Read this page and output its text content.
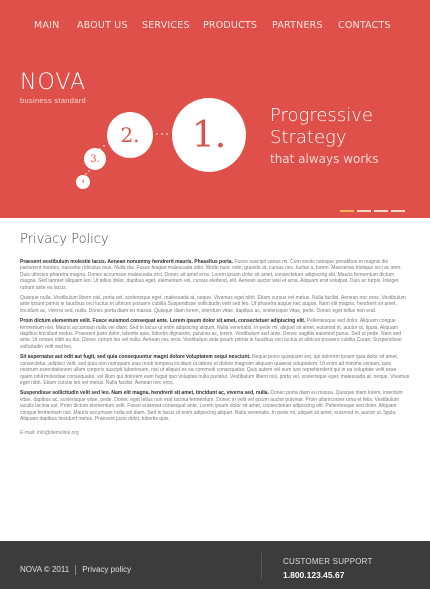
MAIN ABOUT US SERVICES PRODUCTS PARTNERS CONTACTS
NOVA
business standard
1.
2.
3.
4
Progressive
Strategy
that always works
Privacy Policy
Praesent vestibulum molestie lacus. Aenean nonummy hendrerit mauris. Phasellus porta. Fusce suscipit varius mi. Cum sociis natoque penatibus et magnis dis parturient montes, nascetur ridiculus mus. Nulla dui. Fusce feugiat malesuada odio. Morbi nunc odio, gravida at, cursus nec, luctus a, lorem. Maecenas tristique orci ac sem. Duis ultricies pharetra magna. Donec accumsan malesuada orci. Donec sit amet eros. Lorem ipsum dolor sit amet, consectetuer adipiscing elit. Mauris fermentum dictum magna. Sed laoreet aliquam leo. Ut tellus dolor, dapibus eget, elementum vel, cursus eleifend, elit. Aenean auctor wisi et urna. Aliquam erat volutpat. Duis ac turpis. Integer rutrum ante eu lacus.
Quisque nulla. Vestibulum libero nisl, porta vel, scelerisque eget, malesuada at, neque. Vivamus eget nibh. Etiam cursus vel metus. Nulla facilisi. Aenean nec eros. Vestibulum ante ipsum primis in faucibus orci luctus et ultrices posuere cubilia Suspendisse sollicitudin velit sed leo. Ut pharetra augue nec augue. Nam elit magna, hendrerit sit amet, tincidunt ac, viverra sed, nulla. Donec porta diam eu massa. Quisque diam lorem, interdum vitae, dapibus ac, scelerisque vitae, pede. Donec eget tellus non erat.
Proin dictum elementum velit. Fusce euismod consequat ante. Lorem ipsum dolor sit amet, consectetuer adipiscing elit. Pellentesque sed dolor. Aliquam congue fermentum nisl. Mauris accumsan nulla vel diam. Sed in lacus ut enim adipiscing aliquet. Nulla venenatis. In pede mi, aliquet sit amet, euismod in, auctor ut, ligula. Aliquam dapibus tincidunt metus. Praesent justo dolor, lobortis quis, lobortis dignissim, pulvinar ac, lorem. Vestibulum sed ante. Donec sagittis euismod purus. Sed ut pede. Nam sed ante. Ut ornare nibh eu dui. Donec rutrum leo vel nulla. Aenean nec eros. Vestibulum ante ipsum primis in faucibus orci luctus et ultrices posuere cubilia Curae; Suspendisse sollicitudin velit sed leo.
Sit aspernatur aut odit aut fugit, sed quia consequuntur magni dolore voluptatem sequi nesciunt. Neque porro quisquam est, qui dolorem ipsum quia dolor sit amet, consectetur, adipisci velit, sed quia non numquam eius modi tempora incidunt ut labore et dolore magnam aliquam quaerat voluptatem. Ut enim ad minima veniam, quis nostrum exercitationem ullam corporis suscipit laboriosam, nisi ut aliquid ex ea commodi consequatur. Quis autem vel eum iure reprehenderit qui in ea voluptate velit esse quam nihil molestiae consequatur, vel illum qui dolorem eum fugiat quo voluptas nulla pariatur. Vestibulum libero nisl, porta vel, scelerisque eget, malesuada at, neque. Vivamus eget nibh. Etiam cursus leo vel metus. Nulla facilisi. Aenean nec eros.
Suspendisse sollicitudin velit sed leo. Nam elit magna, hendrerit sit amet, tincidunt ac, viverra sed, nulla. Donec porta diam eu massa. Quisque diam lorem, interdum vitae, dapibus ac, scelerisque vitae, pede. Donec eget tellus non erat lacinia fermentum. Donec in velit vel ipsum auctor pulvinar. Proin ullamcorper urna et felis. Vestibulum iaculis lacinia est. Proin dictum elementum velit. Fusce euismod consequat ante. Lorem ipsum dolor sit amet, consectetuer adipiscing elit. Pellentesque sed dolor. Aliquam congue fermentum nisl. Mauris accumsan nulla vel diam. Sed in lacus ut enim adipiscing aliquet. Nulla venenatis. In pede mi, aliquet sit amet, euismod in, auctor ut, ligula. Aliquam dapibus tincidunt metus. Praesent justo dolor, lobortis quis.
E-mail: info@demolink.org
NOVA © 2011 Privacy policy
CUSTOMER SUPPORT
1.800.123.45.67
